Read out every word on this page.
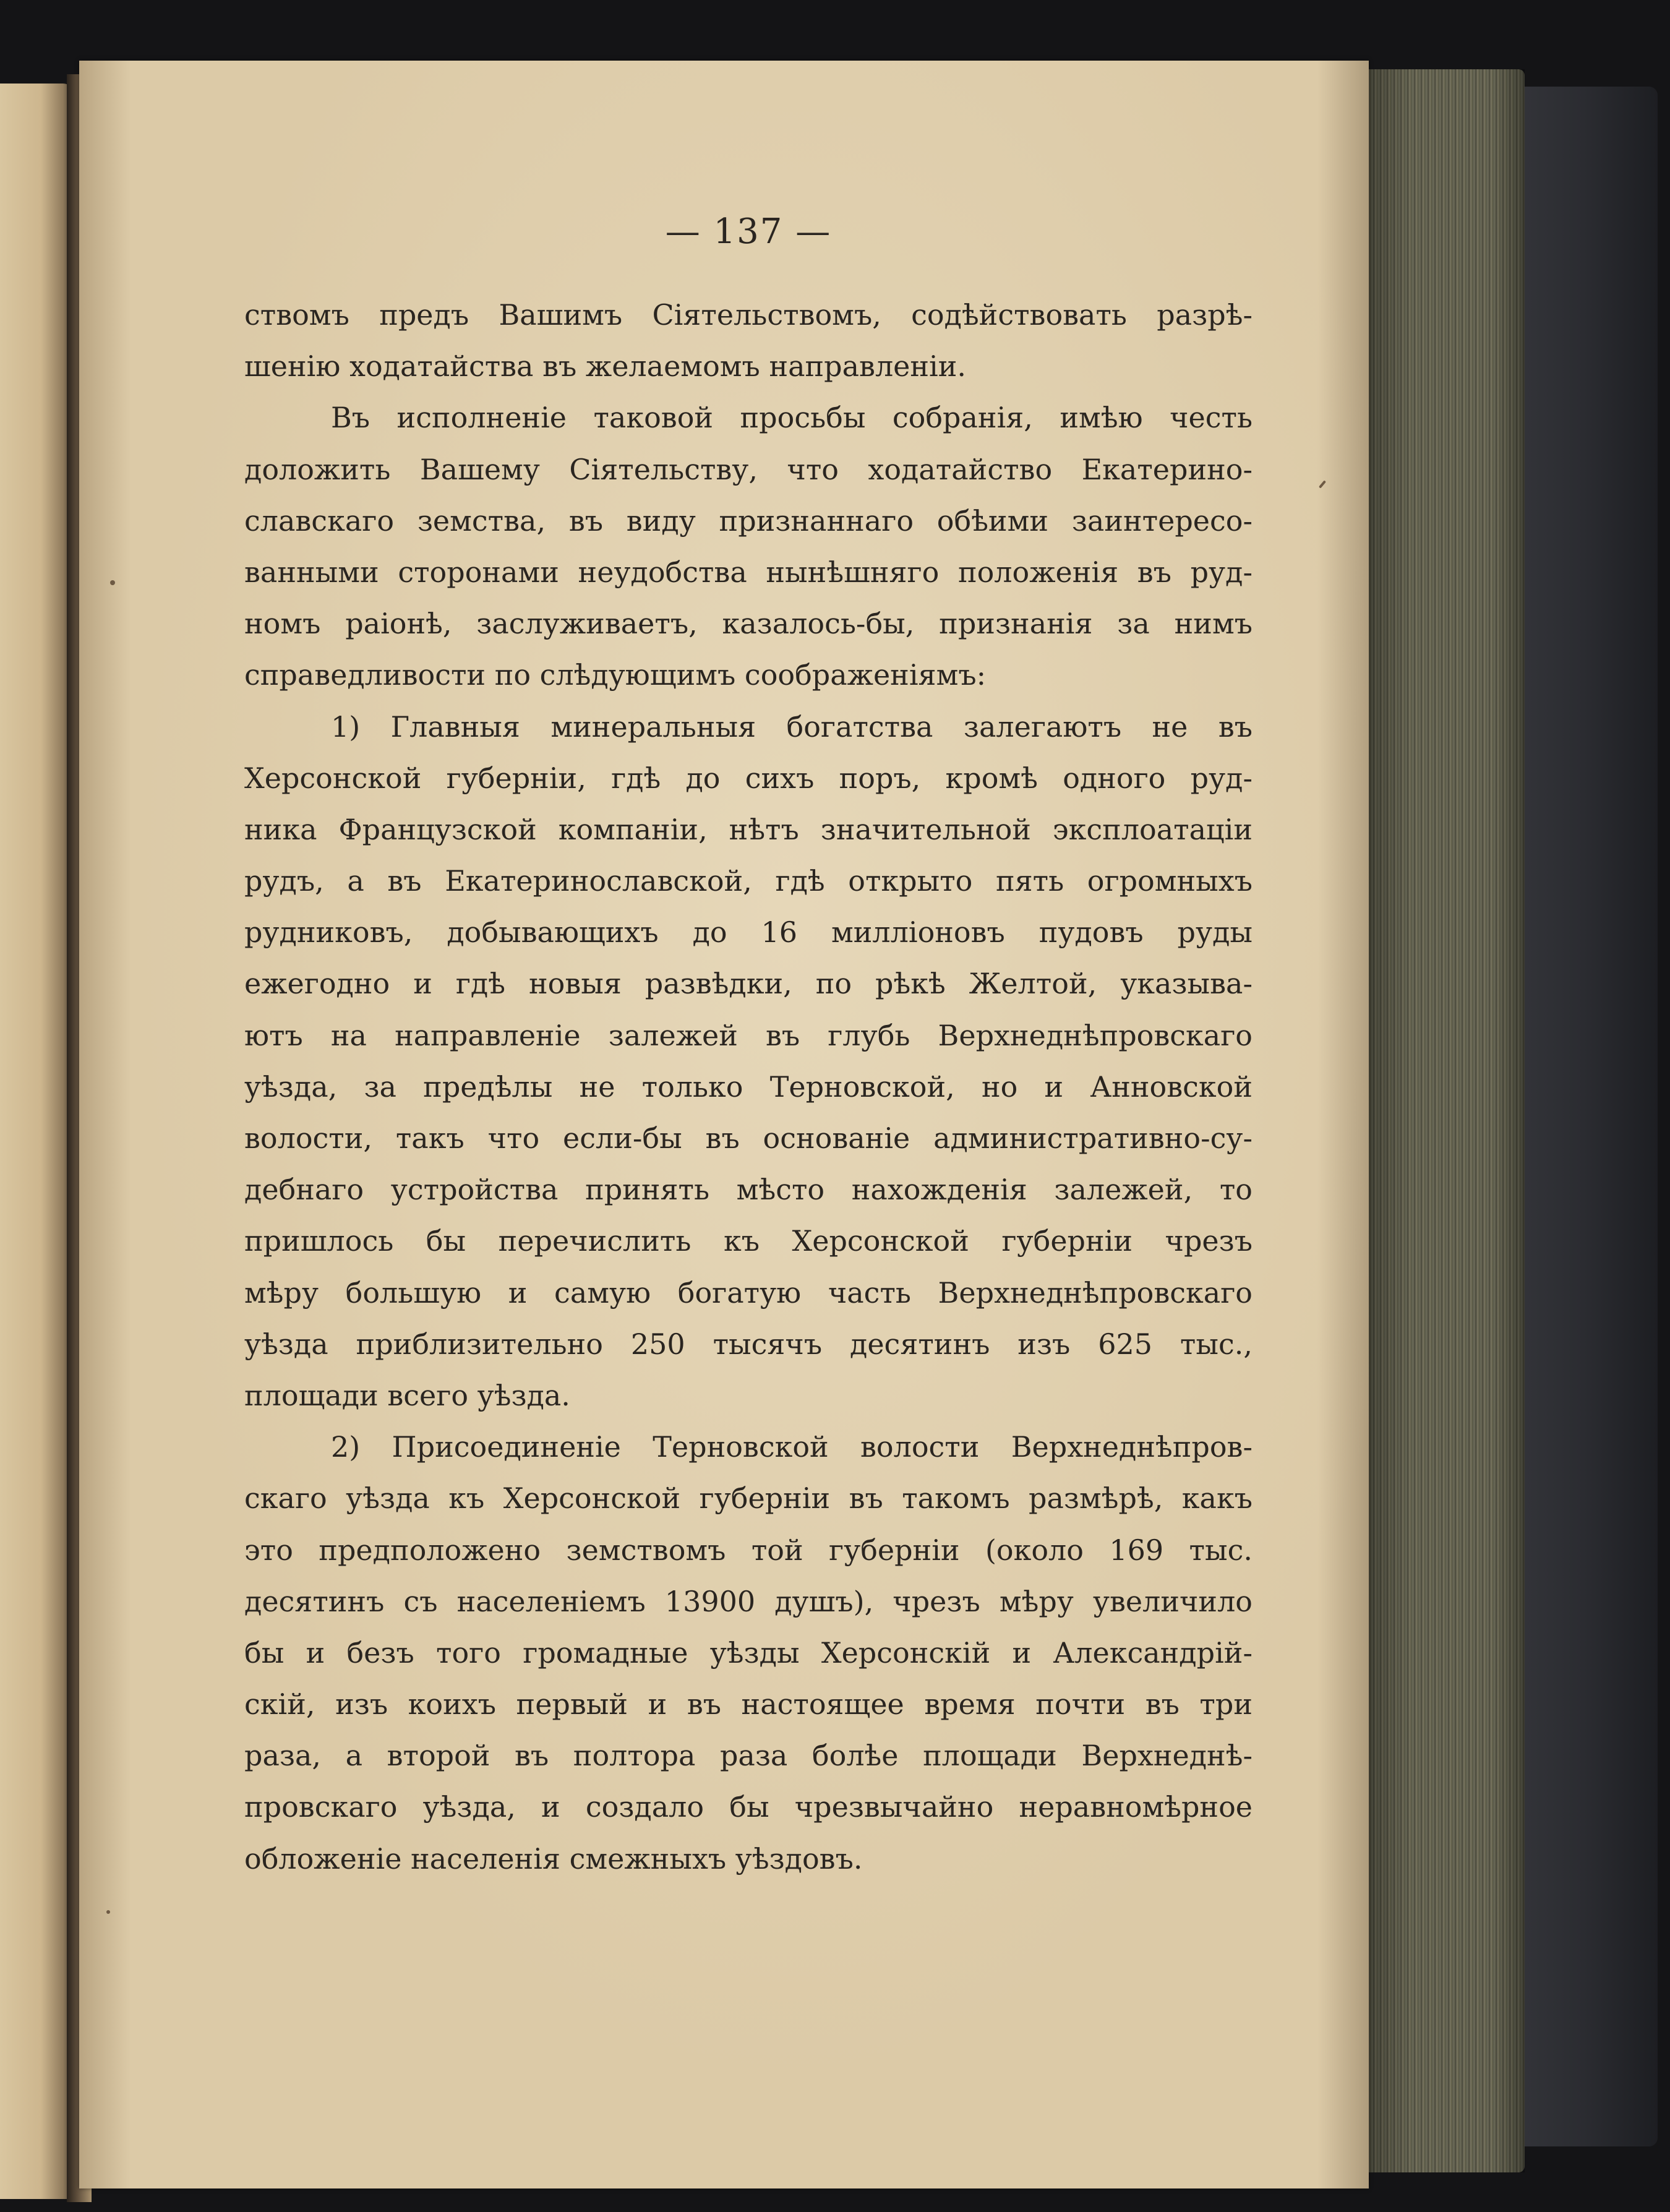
— 137 —
ствомъ предъ Вашимъ Сіятельствомъ, содѣйствовать разрѣ-
шенію ходатайства въ желаемомъ направленіи.
Въ исполненіе таковой просьбы собранія, имѣю честь
доложить Вашему Сіятельству, что ходатайство Екатерино-
славскаго земства, въ виду признаннаго обѣими заинтересо-
ванными сторонами неудобства нынѣшняго положенія въ руд-
номъ раіонѣ, заслуживаетъ, казалось-бы, признанія за нимъ
справедливости по слѣдующимъ соображеніямъ:
1) Главныя минеральныя богатства залегаютъ не въ
Херсонской губерніи, гдѣ до сихъ поръ, кромѣ одного руд-
ника Французской компаніи, нѣтъ значительной эксплоатаціи
рудъ, а въ Екатеринославской, гдѣ открыто пять огромныхъ
рудниковъ, добывающихъ до 16 милліоновъ пудовъ руды
ежегодно и гдѣ новыя развѣдки, по рѣкѣ Желтой, указыва-
ютъ на направленіе залежей въ глубь Верхнеднѣпровскаго
уѣзда, за предѣлы не только Терновской, но и Анновской
волости, такъ что если-бы въ основаніе административно-су-
дебнаго устройства принять мѣсто нахожденія залежей, то
пришлось бы перечислить къ Херсонской губерніи чрезъ
мѣру большую и самую богатую часть Верхнеднѣпровскаго
уѣзда приблизительно 250 тысячъ десятинъ изъ 625 тыс.,
площади всего уѣзда.
2) Присоединеніе Терновской волости Верхнеднѣпров-
скаго уѣзда къ Херсонской губерніи въ такомъ размѣрѣ, какъ
это предположено земствомъ той губерніи (около 169 тыс.
десятинъ съ населеніемъ 13900 душъ), чрезъ мѣру увеличило
бы и безъ того громадные уѣзды Херсонскій и Александрій-
скій, изъ коихъ первый и въ настоящее время почти въ три
раза, а второй въ полтора раза болѣе площади Верхнеднѣ-
провскаго уѣзда, и создало бы чрезвычайно неравномѣрное
обложеніе населенія смежныхъ уѣздовъ.
